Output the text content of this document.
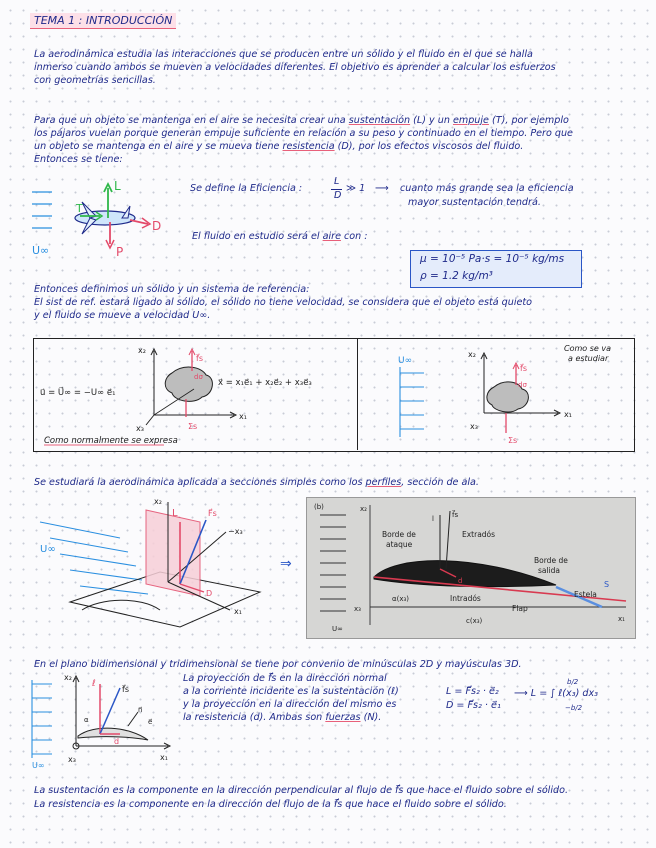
TEMA 1 : INTRODUCCIÓN
La aerodinámica estudia las interacciones que se producen entre un sólido y el fluido en el que se halla
inmerso cuando ambos se mueven a velocidades diferentes. El objetivo es aprender a calcular los esfuerzos
con geometrías sencillas.
Para que un objeto se mantenga en el aire se necesita crear una sustentación (L) y un empuje (T), por ejemplo
los pájaros vuelan porque generan empuje suficiente en relación a su peso y continuado en el tiempo. Pero que
un objeto se mantenga en el aire y se mueva tiene resistencia (D), por los efectos viscosos del fluido.
Entonces se tiene:
L
T
D
P
U∞
Se define la Eficiencia :
L
D
≫ 1 ⟶ cuanto más grande sea la eficiencia
mayor sustentación tendrá.
El fluido en estudio será el aire con :
μ = 10⁻⁵ Pa·s = 10⁻⁵ kg/ms
ρ = 1.2 kg/m³
Entonces definimos un sólido y un sistema de referencia:
El sist de ref. estará ligado al sólido, el sólido no tiene velocidad, se considera que el objeto está quieto
y el fluido se mueve a velocidad U∞.
f⃗s
dσ
Σs
x₂
x₁
x₃
u⃗ = U⃗∞ = −U∞ e⃗₁
x⃗ = x₁e⃗₁ + x₂e⃗₂ + x₃e⃗₃
Como normalmente se expresa
U∞
f⃗s
dσ
Σs
x₂
x₁
x₃
Como se va
a estudiar
Se estudiará la aerodinámica aplicada a secciones simples como los perfiles, sección de ala.
U∞
x₂
−x₃
x₁
L	F⃗s
D
⇒
(b)	x₂
x₁
f⃗s
l
Borde de
ataque
Extradós
Borde de
salida
Intradós	Estela
Flap
α(x₃)
c(x₃)
x₃
U∞
d	S
En el plano bidimensional y tridimensional se tiene por convenio de minúsculas 2D y mayúsculas 3D.
La proyección de f⃗s en la dirección normal
a la corriente incidente es la sustentación (ℓ)
y la proyección en la dirección del mismo es
la resistencia (d). Ambas son fuerzas (N).
L = F⃗s₂ · e⃗₂
D = F⃗s₂ · e⃗₁
⟶ L = ∫ ℓ(x₃) dx₃
b/2
−b/2
U∞
x₂
x₁
x₃
ℓ
d
f⃗s
n⃗
e⃗
α
La sustentación es la componente en la dirección perpendicular al flujo de f⃗s que hace el fluido sobre el sólido.
La resistencia es la componente en la dirección del flujo de la f⃗s que hace el fluido sobre el sólido.
